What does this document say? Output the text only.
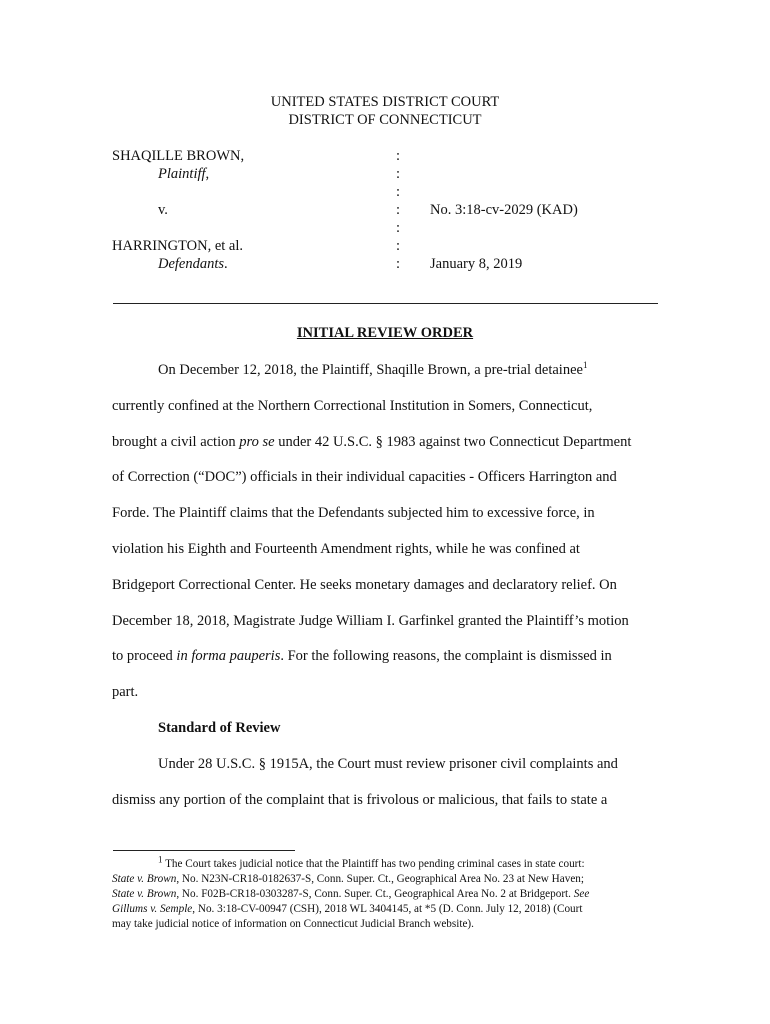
UNITED STATES DISTRICT COURT
DISTRICT OF CONNECTICUT
SHAQILLE BROWN,
Plaintiff,
v.
HARRINGTON, et al.
Defendants.
:
:
:
:
:
:
:
No. 3:18-cv-2029 (KAD)
January 8, 2019
INITIAL REVIEW ORDER
On December 12, 2018, the Plaintiff, Shaqille Brown, a pre-trial detainee$^1$
currently confined at the Northern Correctional Institution in Somers, Connecticut,
brought a civil action pro se under 42 U.S.C. § 1983 against two Connecticut Department
of Correction (“DOC”) officials in their individual capacities - Officers Harrington and
Forde. The Plaintiff claims that the Defendants subjected him to excessive force, in
violation his Eighth and Fourteenth Amendment rights, while he was confined at
Bridgeport Correctional Center. He seeks monetary damages and declaratory relief. On
December 18, 2018, Magistrate Judge William I. Garfinkel granted the Plaintiff’s motion
to proceed in forma pauperis. For the following reasons, the complaint is dismissed in
part.
Standard of Review
Under 28 U.S.C. § 1915A, the Court must review prisoner civil complaints and
dismiss any portion of the complaint that is frivolous or malicious, that fails to state a
$^1$ The Court takes judicial notice that the Plaintiff has two pending criminal cases in state court:
State v. Brown, No. N23N-CR18-0182637-S, Conn. Super. Ct., Geographical Area No. 23 at New Haven;
State v. Brown, No. F02B-CR18-0303287-S, Conn. Super. Ct., Geographical Area No. 2 at Bridgeport. See
Gillums v. Semple, No. 3:18-CV-00947 (CSH), 2018 WL 3404145, at *5 (D. Conn. July 12, 2018) (Court
may take judicial notice of information on Connecticut Judicial Branch website).
